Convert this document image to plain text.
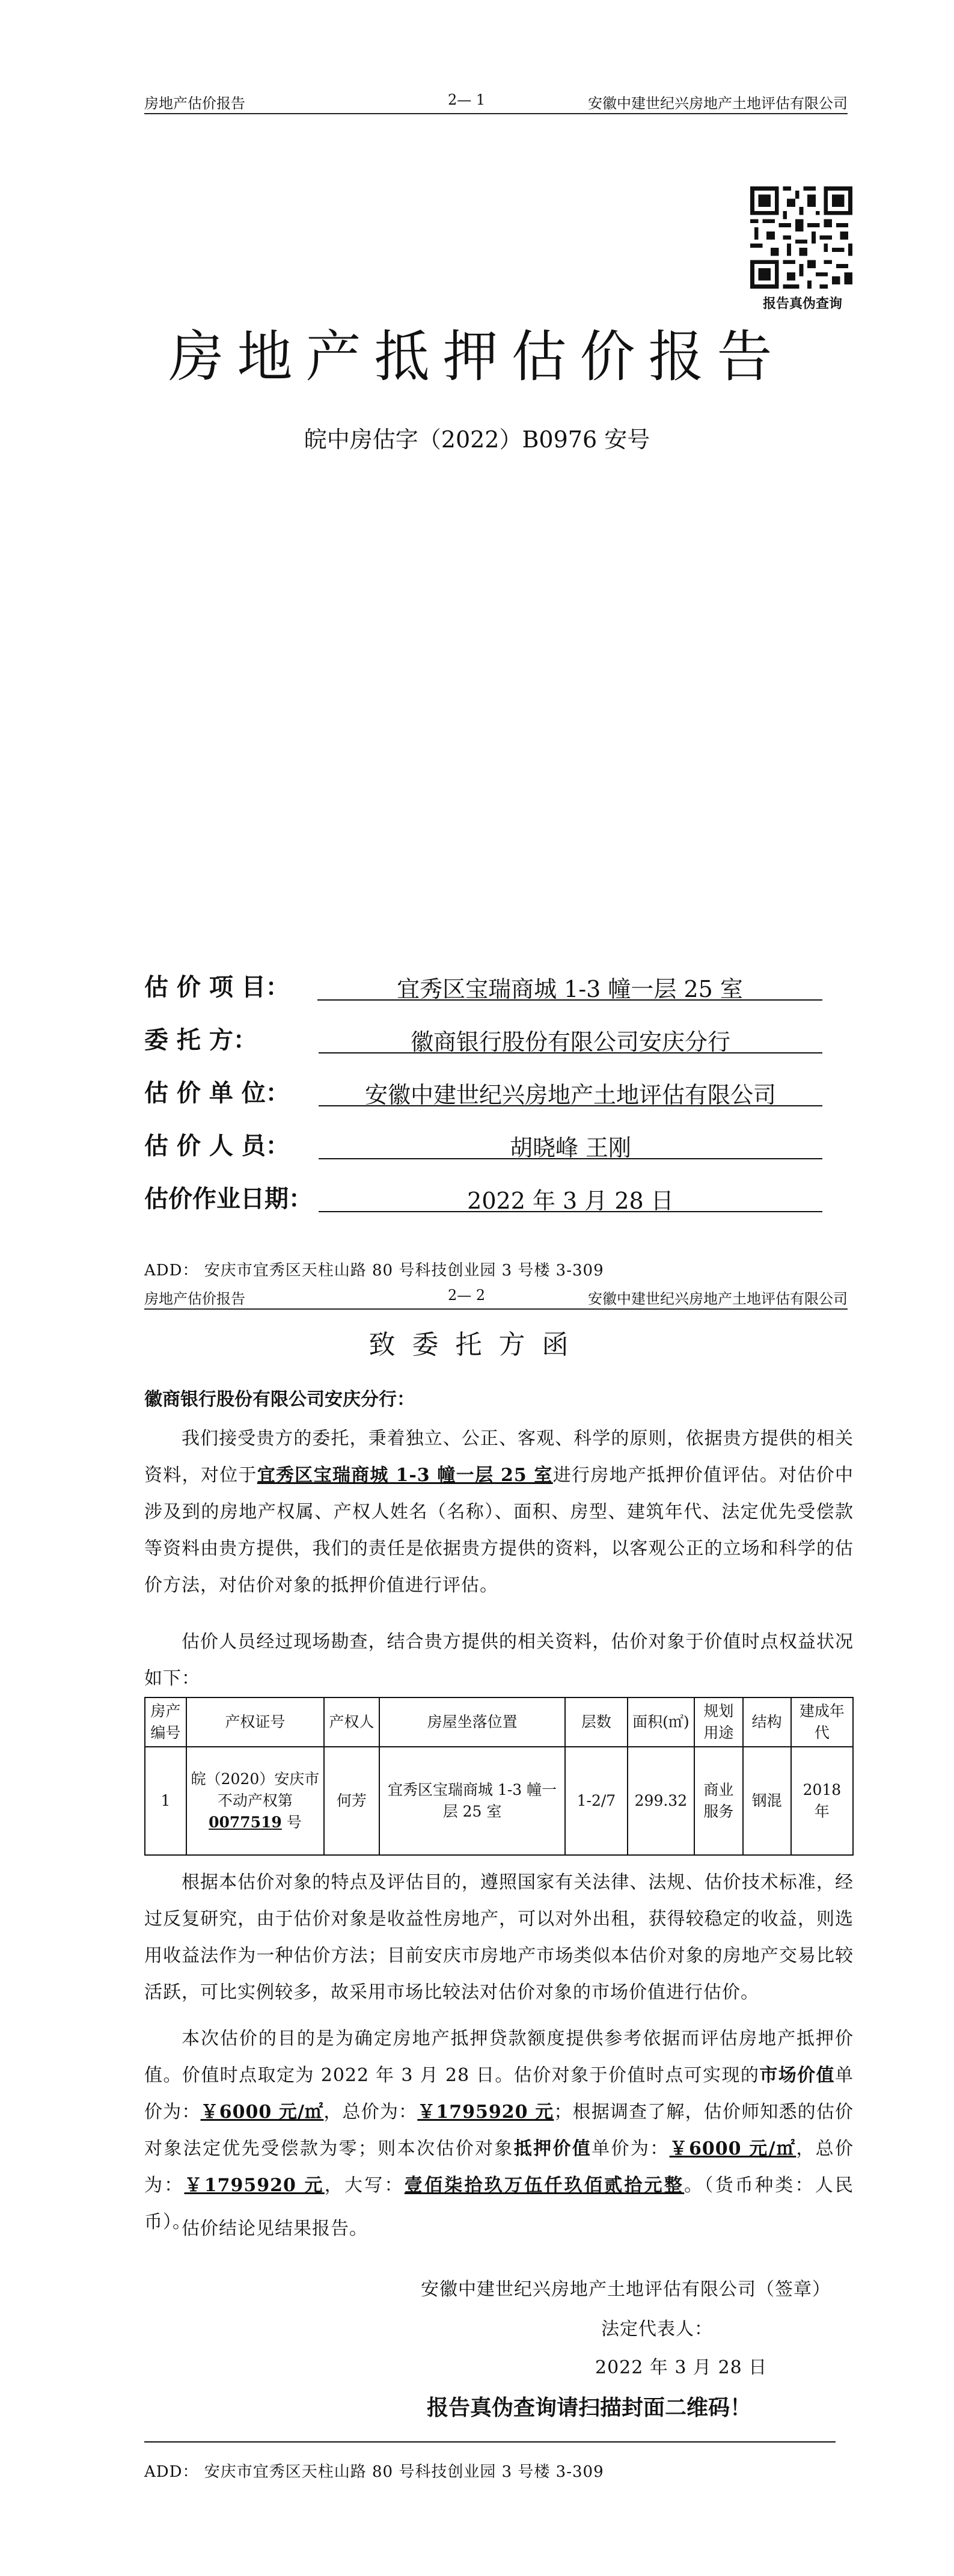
房地产估价报告	2— 1	安徽中建世纪兴房地产土地评估有限公司
报告真伪查询
房地产抵押估价报告
皖中房估字（2022）B0976 安号
估 价 项 目：	宜秀区宝瑞商城 1-3 幢一层 25 室
委 托 方：	徽商银行股份有限公司安庆分行
估 价 单 位：	安徽中建世纪兴房地产土地评估有限公司
估 价 人 员：	胡晓峰 王刚
估价作业日期：	2022 年 3 月 28 日
ADD： 安庆市宜秀区天柱山路 80 号科技创业园 3 号楼 3-309
房地产估价报告	2— 2	安徽中建世纪兴房地产土地评估有限公司
致委托方函
徽商银行股份有限公司安庆分行：
我们接受贵方的委托，秉着独立、公正、客观、科学的原则，依据贵方提供的相关资料，对位于宜秀区宝瑞商城 1-3 幢一层 25 室进行房地产抵押价值评估。对估价中涉及到的房地产权属、产权人姓名（名称）、面积、房型、建筑年代、法定优先受偿款等资料由贵方提供，我们的责任是依据贵方提供的资料，以客观公正的立场和科学的估价方法，对估价对象的抵押价值进行评估。
估价人员经过现场勘查，结合贵方提供的相关资料，估价对象于价值时点权益状况如下：
房产编号	产权证号	产权人	房屋坐落位置	层数	面积(㎡)	规划用途	结构	建成年代
1	皖（2020）安庆市不动产权第 0077519 号	何芳	宜秀区宝瑞商城 1-3 幢一层 25 室	1-2/7	299.32	商业服务	钢混	2018 年
根据本估价对象的特点及评估目的，遵照国家有关法律、法规、估价技术标准，经过反复研究，由于估价对象是收益性房地产，可以对外出租，获得较稳定的收益，则选用收益法作为一种估价方法；目前安庆市房地产市场类似本估价对象的房地产交易比较活跃，可比实例较多，故采用市场比较法对估价对象的市场价值进行估价。
本次估价的目的是为确定房地产抵押贷款额度提供参考依据而评估房地产抵押价值。价值时点取定为 2022 年 3 月 28 日。估价对象于价值时点可实现的市场价值单价为：￥6000 元/㎡，总价为：￥1795920 元；根据调查了解，估价师知悉的估价对象法定优先受偿款为零；则本次估价对象抵押价值单价为：￥6000 元/㎡，总价为：￥1795920 元，大写：壹佰柒拾玖万伍仟玖佰贰拾元整。（货币种类：人民币）。
估价结论见结果报告。
安徽中建世纪兴房地产土地评估有限公司（签章）
法定代表人：
2022 年 3 月 28 日
报告真伪查询请扫描封面二维码！
ADD： 安庆市宜秀区天柱山路 80 号科技创业园 3 号楼 3-309
